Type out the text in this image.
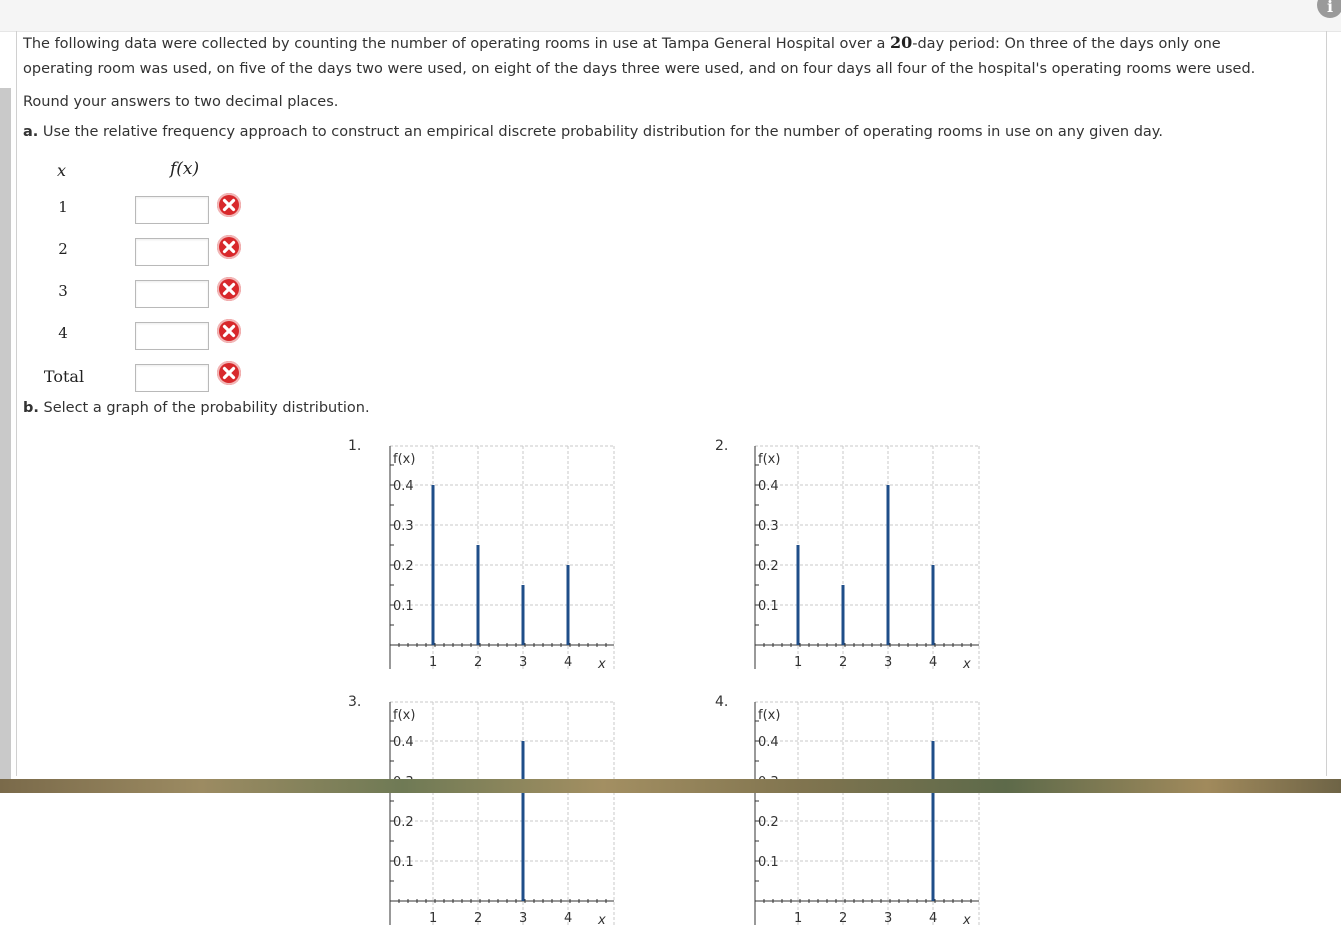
i
The following data were collected by counting the number of operating rooms in use at Tampa General Hospital over a 20-day period: On three of the days only one
operating room was used, on five of the days two were used, on eight of the days three were used, and on four days all four of the hospital's operating rooms were used.
Round your answers to two decimal places.
a. Use the relative frequency approach to construct an empirical discrete probability distribution for the number of operating rooms in use on any given day.
x	f(x)
1
2
3
4
Total
b. Select a graph of the probability distribution.
1.
f(x)
0.4
0.3
0.2
0.1
1	2	3	4 x
2.
f(x)
0.4
0.3
0.2
0.1
1	2	3	4 x
3.
f(x)
0.4
0.2
0.1
1	2	3	4 x
4.
f(x)
0.4
0.2
0.1
1	2	3	4 x
